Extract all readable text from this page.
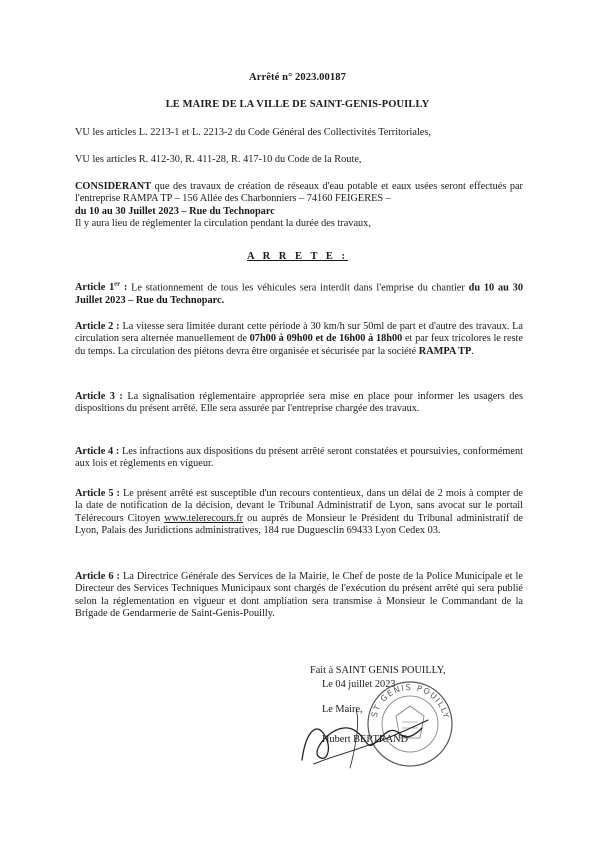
Arrêté n° 2023.00187
LE MAIRE DE LA VILLE DE SAINT-GENIS-POUILLY

VU les articles L. 2213-1 et L. 2213-2 du Code Général des Collectivités Territoriales,

VU les articles R. 412-30, R. 411-28, R. 417-10 du Code de la Route,

CONSIDERANT que des travaux de création de réseaux d'eau potable et eaux usées seront effectués par l'entreprise RAMPA TP – 156 Allée des Charbonniers – 74160 FEIGERES –
du 10 au 30 Juillet 2023 – Rue du Technoparc

Il y aura lieu de réglementer la circulation pendant la durée des travaux,

A R R E T E :

Article 1er : Le stationnement de tous les véhicules sera interdit dans l'emprise du chantier du 10 au 30 Juillet 2023 – Rue du Technoparc.

Article 2 : La vitesse sera limitée durant cette période à 30 km/h sur 50ml de part et d'autre des travaux. La circulation sera alternée manuellement de 07h00 à 09h00 et de 16h00 à 18h00 et par feux tricolores le reste du temps. La circulation des piétons devra être organisée et sécurisée par la société RAMPA TP.

Article 3 : La signalisation réglementaire appropriée sera mise en place pour informer les usagers des dispositions du présent arrêté. Elle sera assurée par l'entreprise chargée des travaux.

Article 4 : Les infractions aux dispositions du présent arrêté seront constatées et poursuivies, conformément aux lois et règlements en vigueur.

Article 5 : Le présent arrêté est susceptible d'un recours contentieux, dans un délai de 2 mois à compter de la date de notification de la décision, devant le Tribunal Administratif de Lyon, sans avocat sur le portail Télérecours Citoyen www.telerecours.fr ou auprès de Monsieur le Président du Tribunal administratif de Lyon, Palais des Juridictions administratives, 184 rue Duguesclin 69433 Lyon Cedex 03.

Article 6 : La Directrice Générale des Services de la Mairie, le Chef de poste de la Police Municipale et le Directeur des Services Techniques Municipaux sont chargés de l'exécution du présent arrêté qui sera publié selon la réglementation en vigueur et dont ampliation sera transmise à Monsieur le Commandant de la Brigade de Gendarmerie de Saint-Genis-Pouilly.

Fait à SAINT GENIS POUILLY,
Le 04 juillet 2023
Le Maire,
Hubert BERTRAND
ST GENIS POUILLY
